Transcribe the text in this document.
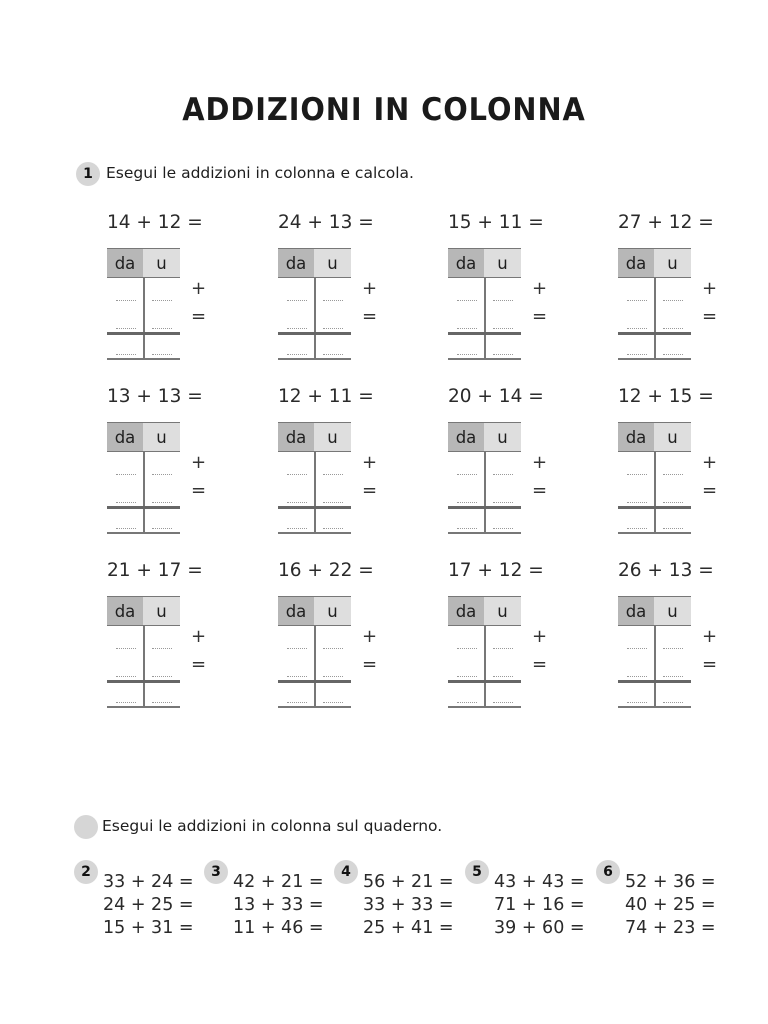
ADDIZIONI IN COLONNA
1 Esegui le addizioni in colonna e calcola.
14 + 12 =
da	u
+
=
24 + 13 =
da	u
+
=
15 + 11 =
da	u
+
=
27 + 12 =
da	u
+
=
13 + 13 =
da	u
+
=
12 + 11 =
da	u
+
=
20 + 14 =
da	u
+
=
12 + 15 =
da	u
+
=
21 + 17 =
da	u
+
=
16 + 22 =
da	u
+
=
17 + 12 =
da	u
+
=
26 + 13 =
da	u
+
=
Esegui le addizioni in colonna sul quaderno.
2 33 + 24 =
24 + 25 =
15 + 31 =
3 42 + 21 =
13 + 33 =
11 + 46 =
4 56 + 21 =
33 + 33 =
25 + 41 =
5 43 + 43 =
71 + 16 =
39 + 60 =
6 52 + 36 =
40 + 25 =
74 + 23 =
